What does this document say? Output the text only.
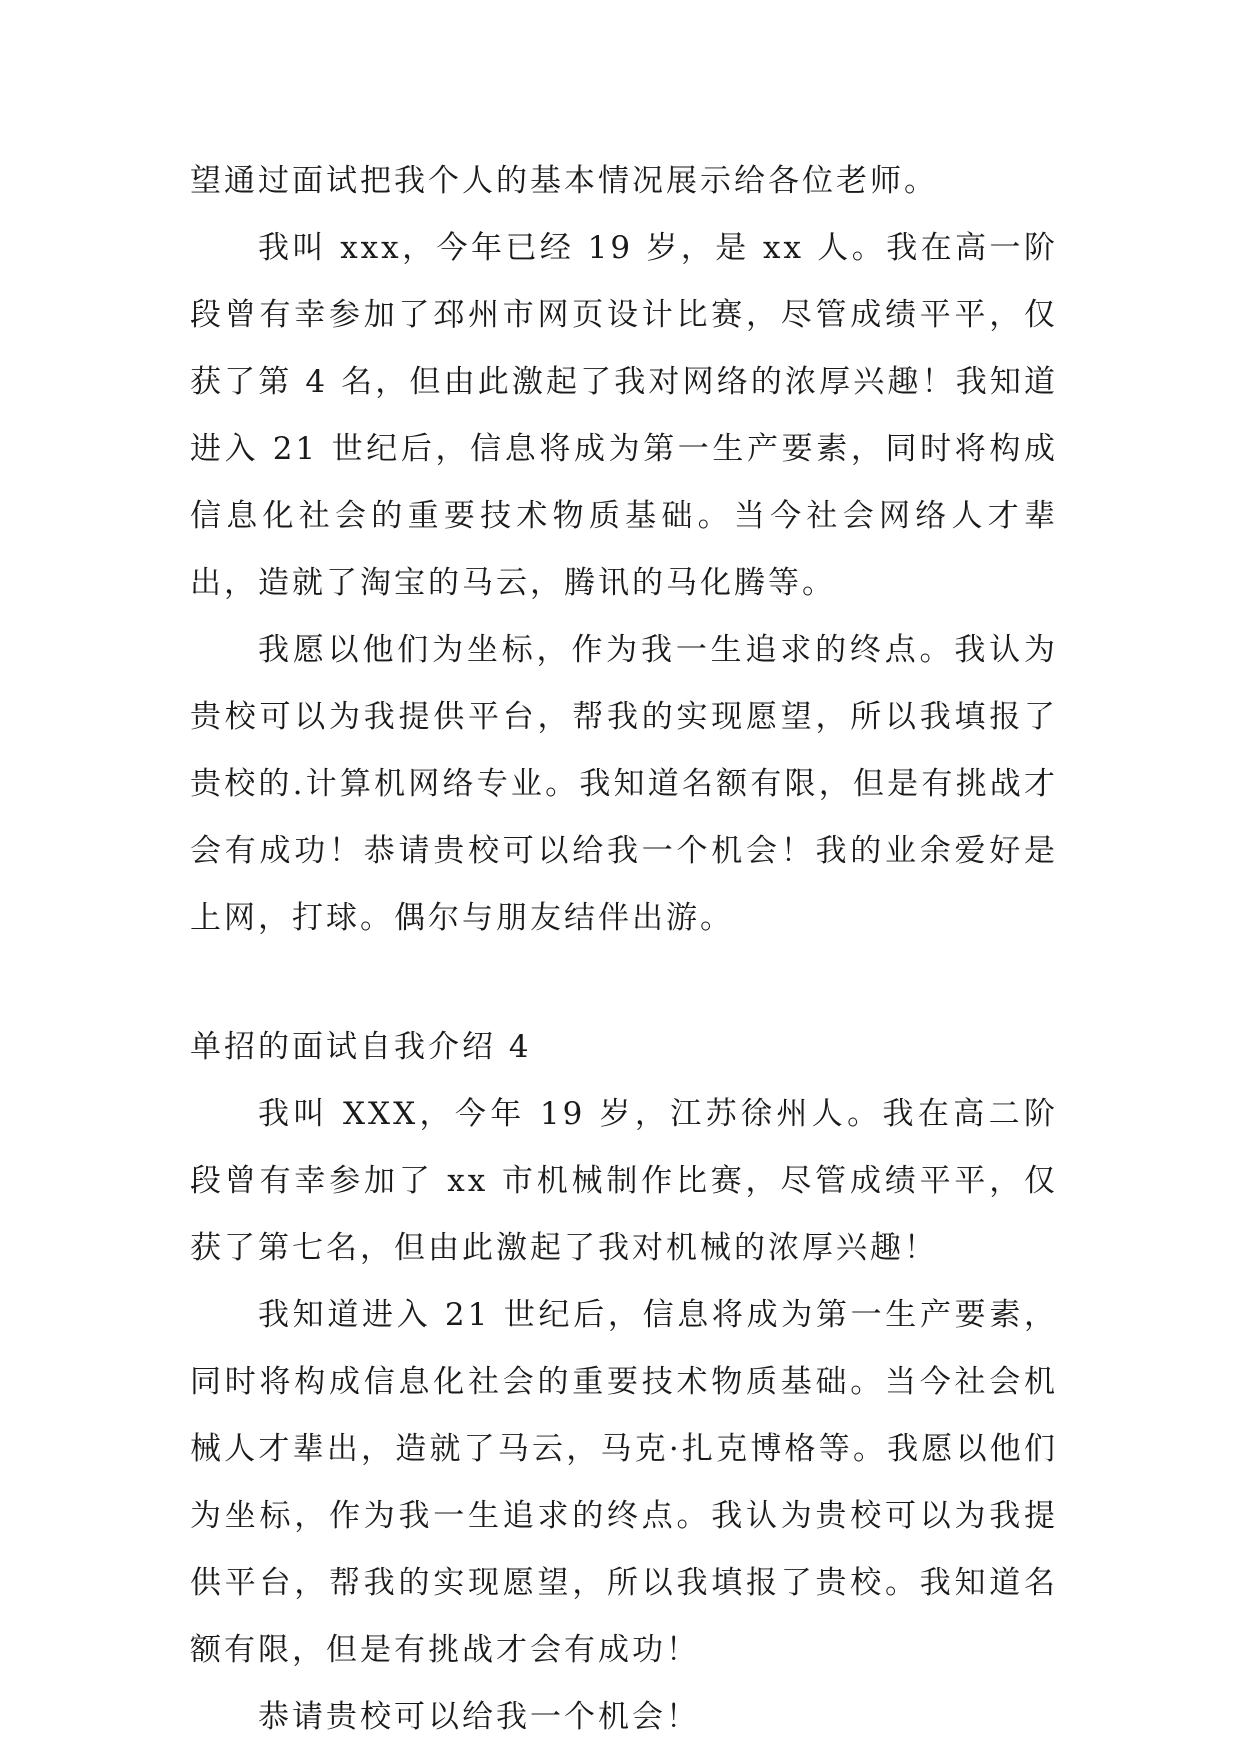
望通过面试把我个人的基本情况展示给各位老师。

我叫 xxx，今年已经 19 岁，是 xx 人。我在高一阶段曾有幸参加了邳州市网页设计比赛，尽管成绩平平，仅获了第 4 名，但由此激起了我对网络的浓厚兴趣！我知道进入 21 世纪后，信息将成为第一生产要素，同时将构成信息化社会的重要技术物质基础。当今社会网络人才辈出，造就了淘宝的马云，腾讯的马化腾等。

我愿以他们为坐标，作为我一生追求的终点。我认为贵校可以为我提供平台，帮我的实现愿望，所以我填报了贵校的.计算机网络专业。我知道名额有限，但是有挑战才会有成功！恭请贵校可以给我一个机会！我的业余爱好是上网，打球。偶尔与朋友结伴出游。

单招的面试自我介绍 4

我叫 XXX，今年 19 岁，江苏徐州人。我在高二阶段曾有幸参加了 xx 市机械制作比赛，尽管成绩平平，仅获了第七名，但由此激起了我对机械的浓厚兴趣！

我知道进入 21 世纪后，信息将成为第一生产要素，同时将构成信息化社会的重要技术物质基础。当今社会机械人才辈出，造就了马云，马克·扎克博格等。我愿以他们为坐标，作为我一生追求的终点。我认为贵校可以为我提供平台，帮我的实现愿望，所以我填报了贵校。我知道名额有限，但是有挑战才会有成功！

恭请贵校可以给我一个机会！
